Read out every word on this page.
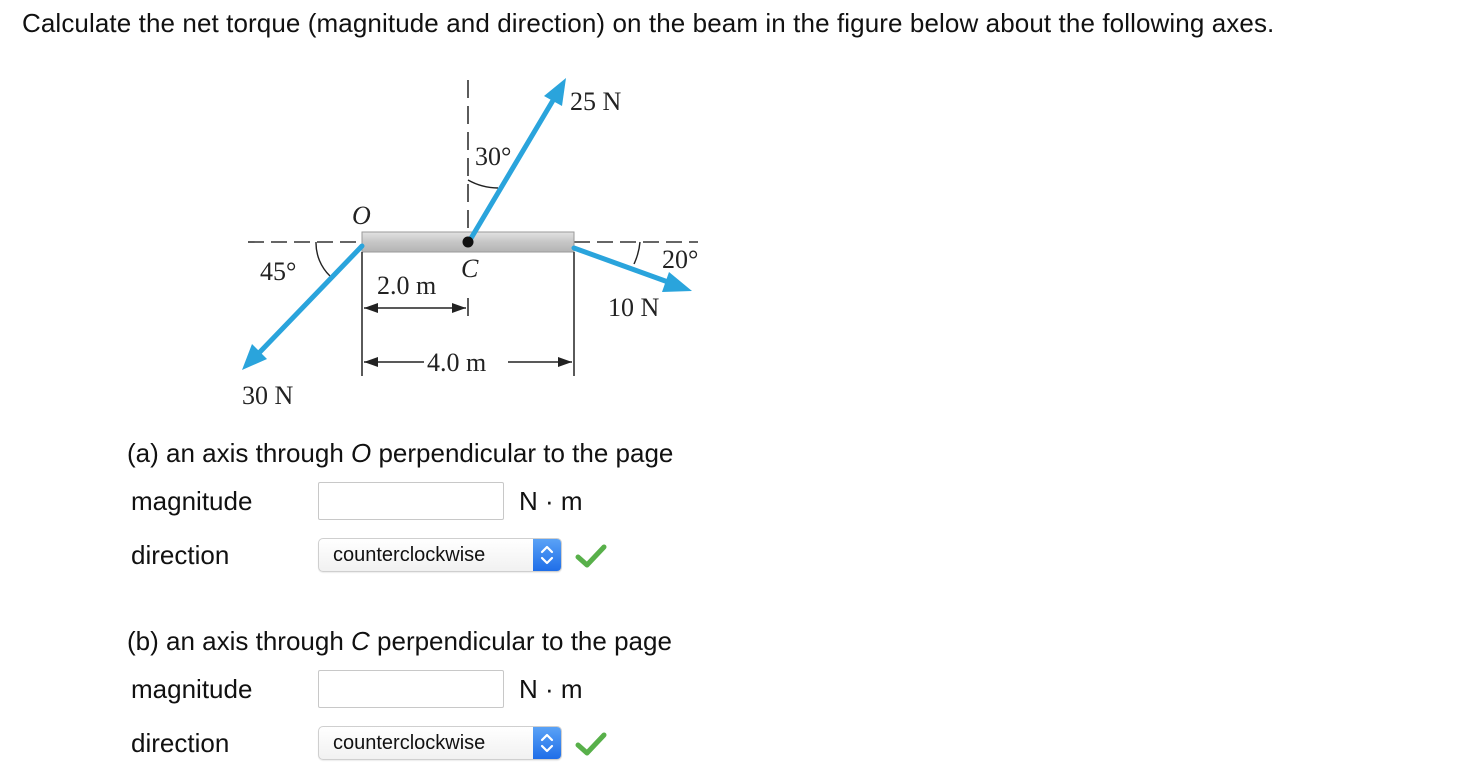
Calculate the net torque (magnitude and direction) on the beam in the figure below about the following axes.
25 N
30°
O
C
45°	20°
2.0 m
10 N
4.0 m
30 N
(a) an axis through O perpendicular to the page
magnitude	N · m
direction	counterclockwise
(b) an axis through C perpendicular to the page
magnitude	N · m
direction	counterclockwise
